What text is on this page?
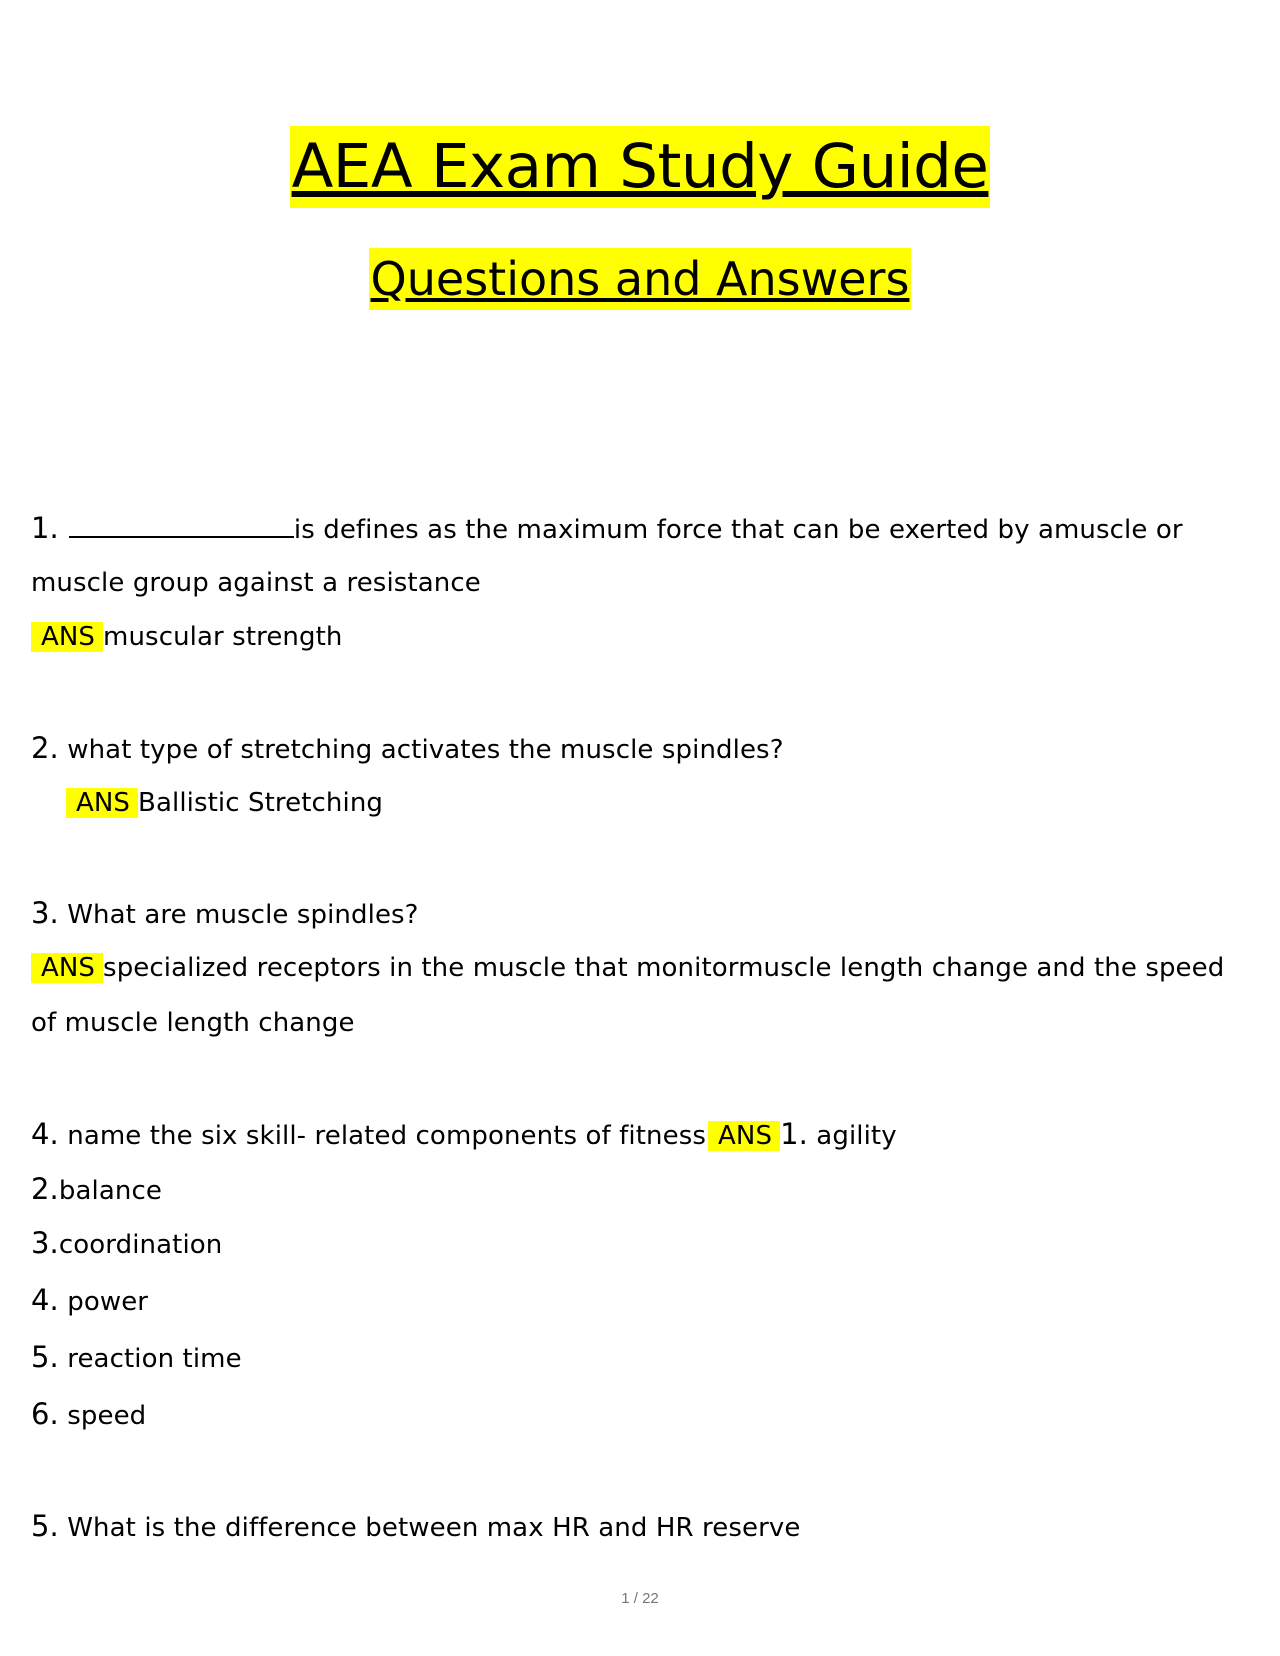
AEA Exam Study Guide
Questions and Answers
1.	is defines as the maximum force that can be exerted by amuscle or
muscle group against a resistance
ANS muscular strength
2. what type of stretching activates the muscle spindles?
ANS Ballistic Stretching
3. What are muscle spindles?
ANS specialized receptors in the muscle that monitormuscle length change and the speed
of muscle length change
4. name the six skill- related components of fitness ANS 1. agility
2.balance
3.coordination
4. power
5. reaction time
6. speed
5. What is the difference between max HR and HR reserve
1 / 22
